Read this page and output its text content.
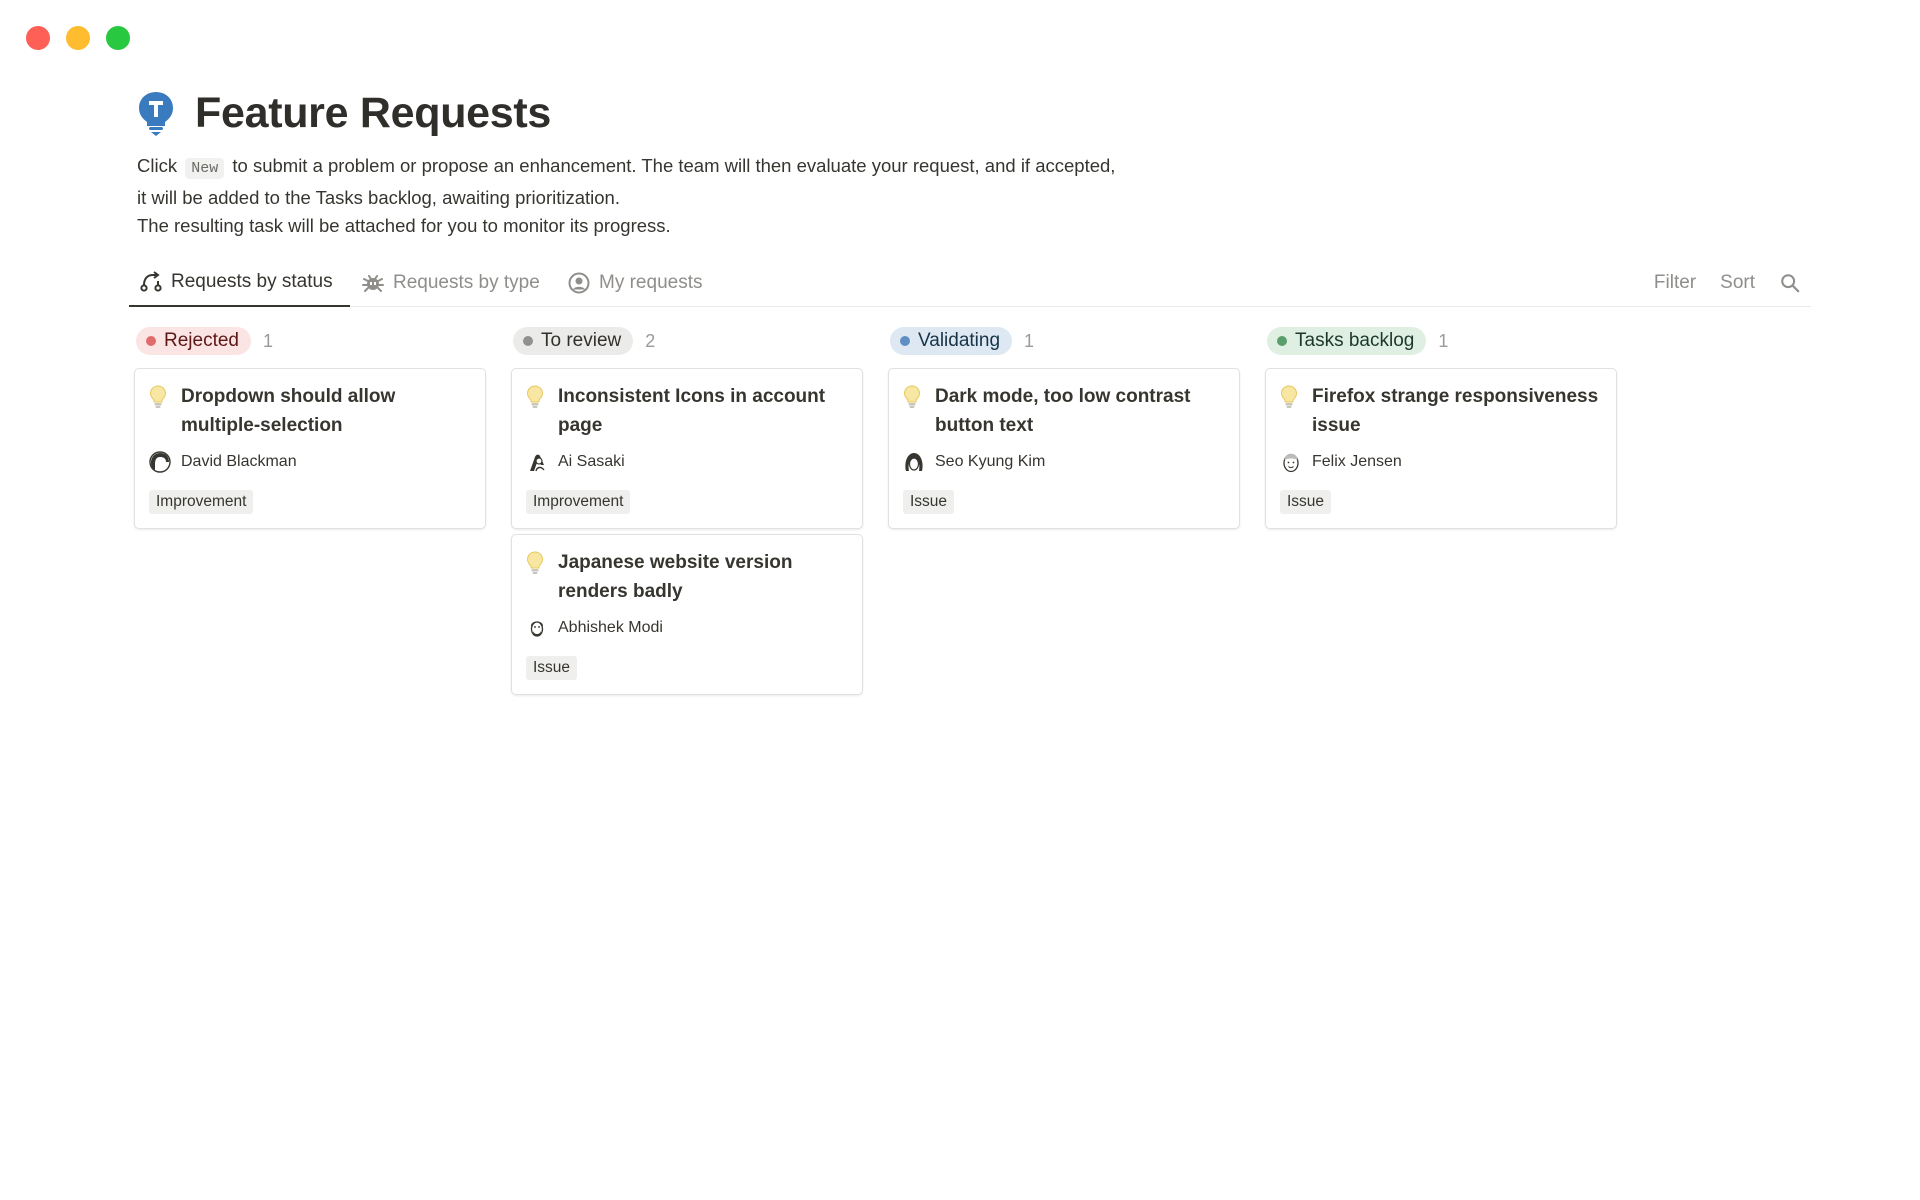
Feature Requests
Click New to submit a problem or propose an enhancement. The team will then evaluate your request, and if accepted,
it will be added to the Tasks backlog, awaiting prioritization.
The resulting task will be attached for you to monitor its progress.
Requests by status	Requests by type	My requests	Filter Sort
Rejected 1
Dropdown should allow multiple-selection
David Blackman
Improvement
To review 2
Inconsistent Icons in account page
Ai Sasaki
Improvement
Japanese website version renders badly
Abhishek Modi
Issue
Validating 1
Dark mode, too low contrast button text
Seo Kyung Kim
Issue
Tasks backlog 1
Firefox strange responsiveness issue
Felix Jensen
Issue
